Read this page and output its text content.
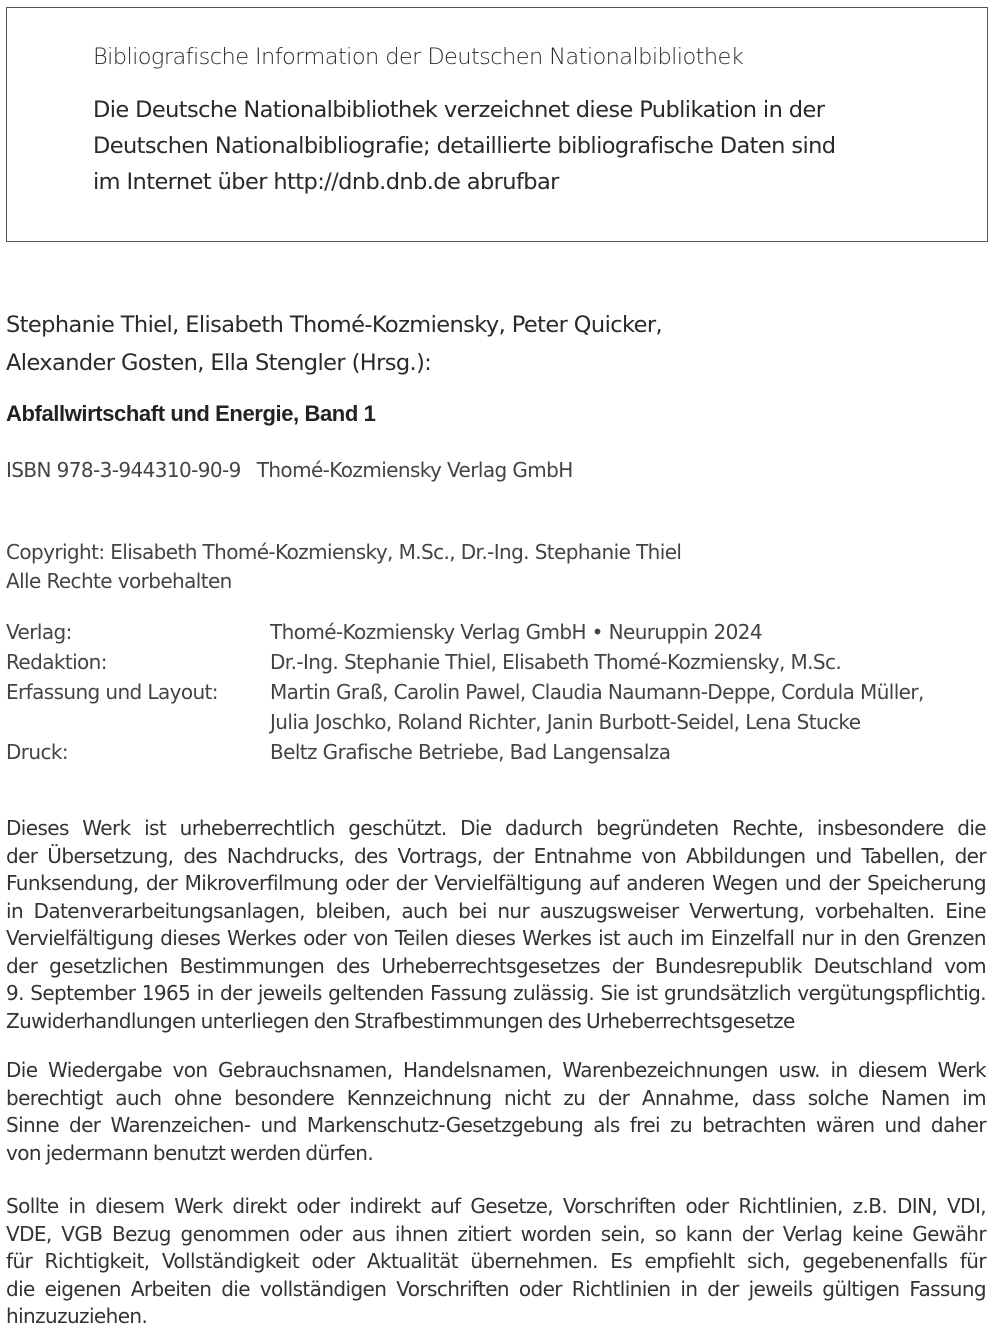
Bibliografische Information der Deutschen Nationalbibliothek
Die Deutsche Nationalbibliothek verzeichnet diese Publikation in der
Deutschen Nationalbibliografie; detaillierte bibliografische Daten sind
im Internet über http://dnb.dnb.de abrufbar
Stephanie Thiel, Elisabeth Thomé-Kozmiensky, Peter Quicker,
Alexander Gosten, Ella Stengler (Hrsg.):
Abfallwirtschaft und Energie, Band 1
ISBN 978-3-944310-90-9 Thomé-Kozmiensky Verlag GmbH
Copyright: Elisabeth Thomé-Kozmiensky, M.Sc., Dr.-Ing. Stephanie Thiel
Alle Rechte vorbehalten
Verlag:	Thomé-Kozmiensky Verlag GmbH • Neuruppin 2024
Redaktion:	Dr.-Ing. Stephanie Thiel, Elisabeth Thomé-Kozmiensky, M.Sc.
Erfassung und Layout:	Martin Graß, Carolin Pawel, Claudia Naumann-Deppe, Cordula Müller,
Julia Joschko, Roland Richter, Janin Burbott-Seidel, Lena Stucke
Druck:	Beltz Grafische Betriebe, Bad Langensalza
Dieses Werk ist urheberrechtlich geschützt. Die dadurch begründeten Rechte, insbesondere die
der Übersetzung, des Nachdrucks, des Vortrags, der Entnahme von Abbildungen und Tabellen, der
Funksendung, der Mikroverfilmung oder der Vervielfältigung auf anderen Wegen und der Speicherung
in Datenverarbeitungsanlagen, bleiben, auch bei nur auszugsweiser Verwertung, vorbehalten. Eine
Vervielfältigung dieses Werkes oder von Teilen dieses Werkes ist auch im Einzelfall nur in den Grenzen
der gesetzlichen Bestimmungen des Urheberrechtsgesetzes der Bundesrepublik Deutschland vom
9. September 1965 in der jeweils geltenden Fassung zulässig. Sie ist grundsätzlich vergütungspflichtig.
Zuwiderhandlungen unterliegen den Strafbestimmungen des Urheberrechtsgesetze
Die Wiedergabe von Gebrauchsnamen, Handelsnamen, Warenbezeichnungen usw. in diesem Werk
berechtigt auch ohne besondere Kennzeichnung nicht zu der Annahme, dass solche Namen im
Sinne der Warenzeichen- und Markenschutz-Gesetzgebung als frei zu betrachten wären und daher
von jedermann benutzt werden dürfen.
Sollte in diesem Werk direkt oder indirekt auf Gesetze, Vorschriften oder Richtlinien, z.B. DIN, VDI,
VDE, VGB Bezug genommen oder aus ihnen zitiert worden sein, so kann der Verlag keine Gewähr
für Richtigkeit, Vollständigkeit oder Aktualität übernehmen. Es empfiehlt sich, gegebenenfalls für
die eigenen Arbeiten die vollständigen Vorschriften oder Richtlinien in der jeweils gültigen Fassung
hinzuzuziehen.
